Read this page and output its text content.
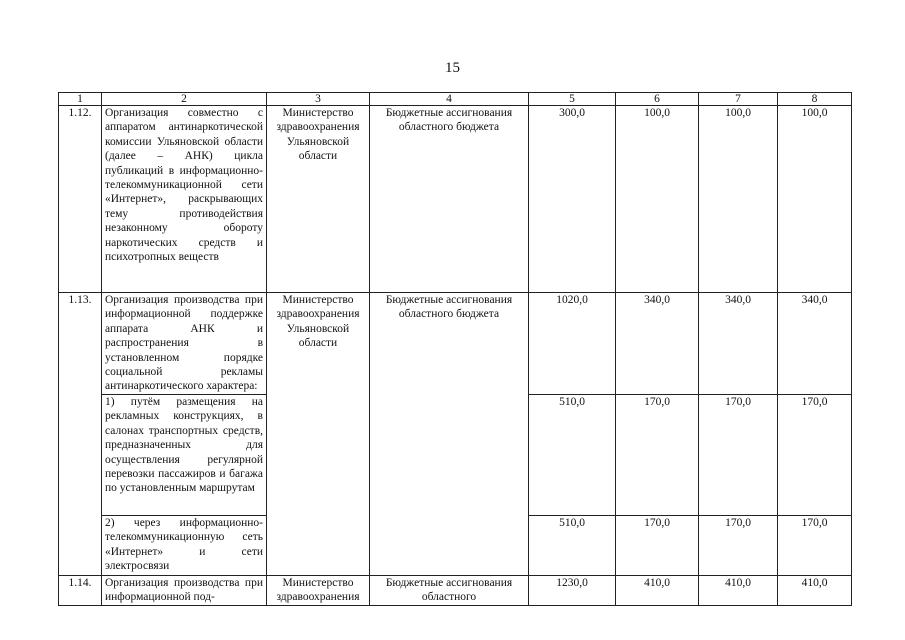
15
1	2	3	4	5	6	7	8
1.12.	Организация совместно с аппаратом антинаркотической комиссии Ульяновской области (далее – АНК) цикла публикаций в информационно-телекоммуникационной сети «Интернет», раскрывающих тему противодействия незаконному обороту наркотических средств и психотропных веществ	Министерство здравоохранения Ульяновской области	Бюджетные ассигнования областного бюджета	300,0	100,0	100,0	100,0
1.13.	Организация производства при информационной поддержке аппарата АНК и распространения в установленном порядке социальной рекламы антинаркотического характера:	Министерство здравоохранения Ульяновской области	Бюджетные ассигнования областного бюджета	1020,0	340,0	340,0	340,0
	1) путём размещения на рекламных конструкциях, в салонах транспортных средств, предназначенных для осуществления регулярной перевозки пассажиров и багажа по установленным маршрутам			510,0	170,0	170,0	170,0
	2) через информационно-телекоммуникационную сеть «Интернет» и сети электросвязи			510,0	170,0	170,0	170,0
1.14.	Организация производства при информационной под-	Министерство здравоохранения	Бюджетные ассигнования областного	1230,0	410,0	410,0	410,0
